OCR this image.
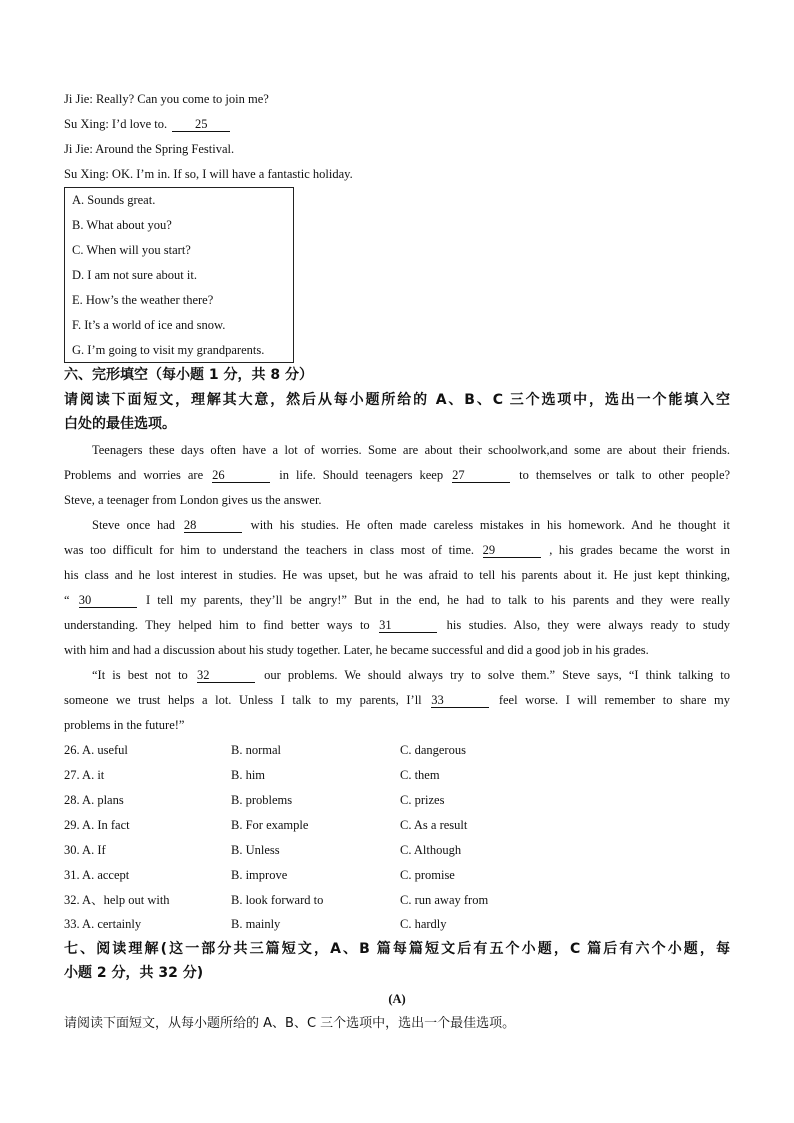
Ji Jie: Really? Can you come to join me?
Su Xing: I’d love to. 25
Ji Jie: Around the Spring Festival.
Su Xing: OK. I’m in. If so, I will have a fantastic holiday.
A. Sounds great.
B. What about you?
C. When will you start?
D. I am not sure about it.
E. How’s the weather there?
F. It’s a world of ice and snow.
G. I’m going to visit my grandparents.
六、完形填空（每小题 1 分，共 8 分）
请阅读下面短文，理解其大意，然后从每小题所给的 A、B、C 三个选项中，选出一个能填入空
白处的最佳选项。
Teenagers these days often have a lot of worries. Some are about their schoolwork,and some are about their friends.
Problems and worries are 26	in life. Should teenagers keep 27	to themselves or talk to other people?
Steve, a teenager from London gives us the answer.
Steve once had 28	with his studies. He often made careless mistakes in his homework. And he thought it
was too difficult for him to understand the teachers in class most of time. 29	, his grades became the worst in
his class and he lost interest in studies. He was upset, but he was afraid to tell his parents about it. He just kept thinking,
“ 30	I tell my parents, they’ll be angry!” But in the end, he had to talk to his parents and they were really
understanding. They helped him to find better ways to 31	his studies. Also, they were always ready to study
with him and had a discussion about his study together. Later, he became successful and did a good job in his grades.
“It is best not to 32	our problems. We should always try to solve them.” Steve says, “I think talking to
someone we trust helps a lot. Unless I talk to my parents, I’ll 33	feel worse. I will remember to share my
problems in the future!”
26. A. useful	B. normal	C. dangerous
27. A. it	B. him	C. them
28. A. plans	B. problems	C. prizes
29. A. In fact	B. For example	C. As a result
30. A. If	B. Unless	C. Although
31. A. accept	B. improve	C. promise
32. A、help out with	B. look forward to	C. run away from
33. A. certainly	B. mainly	C. hardly
七、阅读理解(这一部分共三篇短文，A、B 篇每篇短文后有五个小题，C 篇后有六个小题，每
小题 2 分，共 32 分)
(A)
请阅读下面短文，从每小题所给的 A、B、C 三个选项中，选出一个最佳选项。
